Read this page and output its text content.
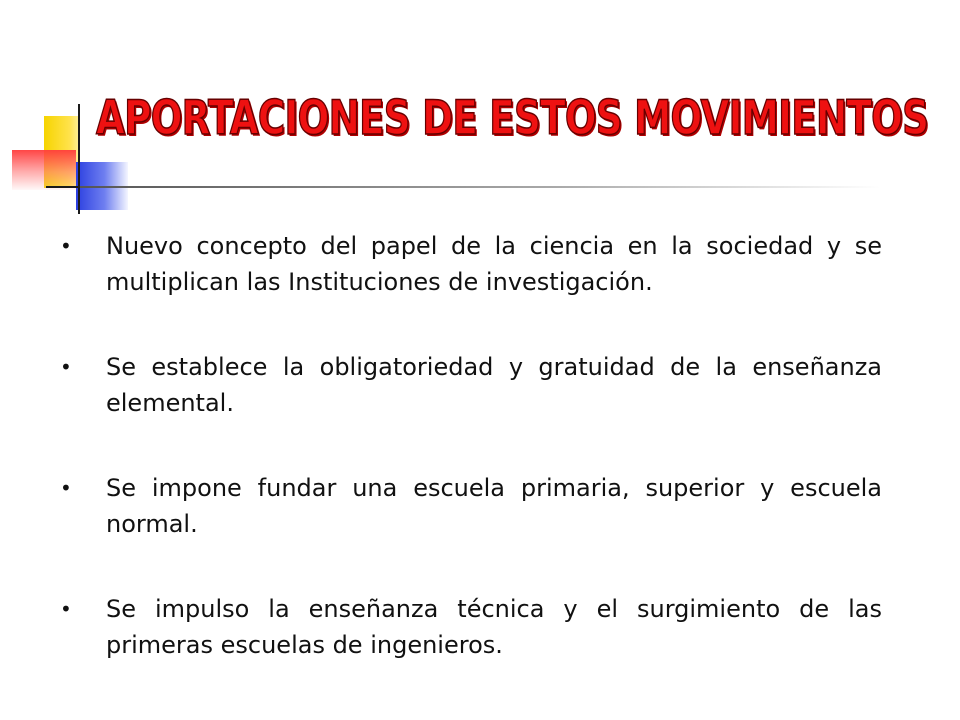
APORTACIONES DE ESTOS MOVIMIENTOS
• Nuevo concepto del papel de la ciencia en la sociedad y se multiplican las Instituciones de investigación.
• Se establece la obligatoriedad y gratuidad de la enseñanza elemental.
• Se impone fundar una escuela primaria, superior y escuela normal.
• Se impulso la enseñanza técnica y el surgimiento de las primeras escuelas de ingenieros.
